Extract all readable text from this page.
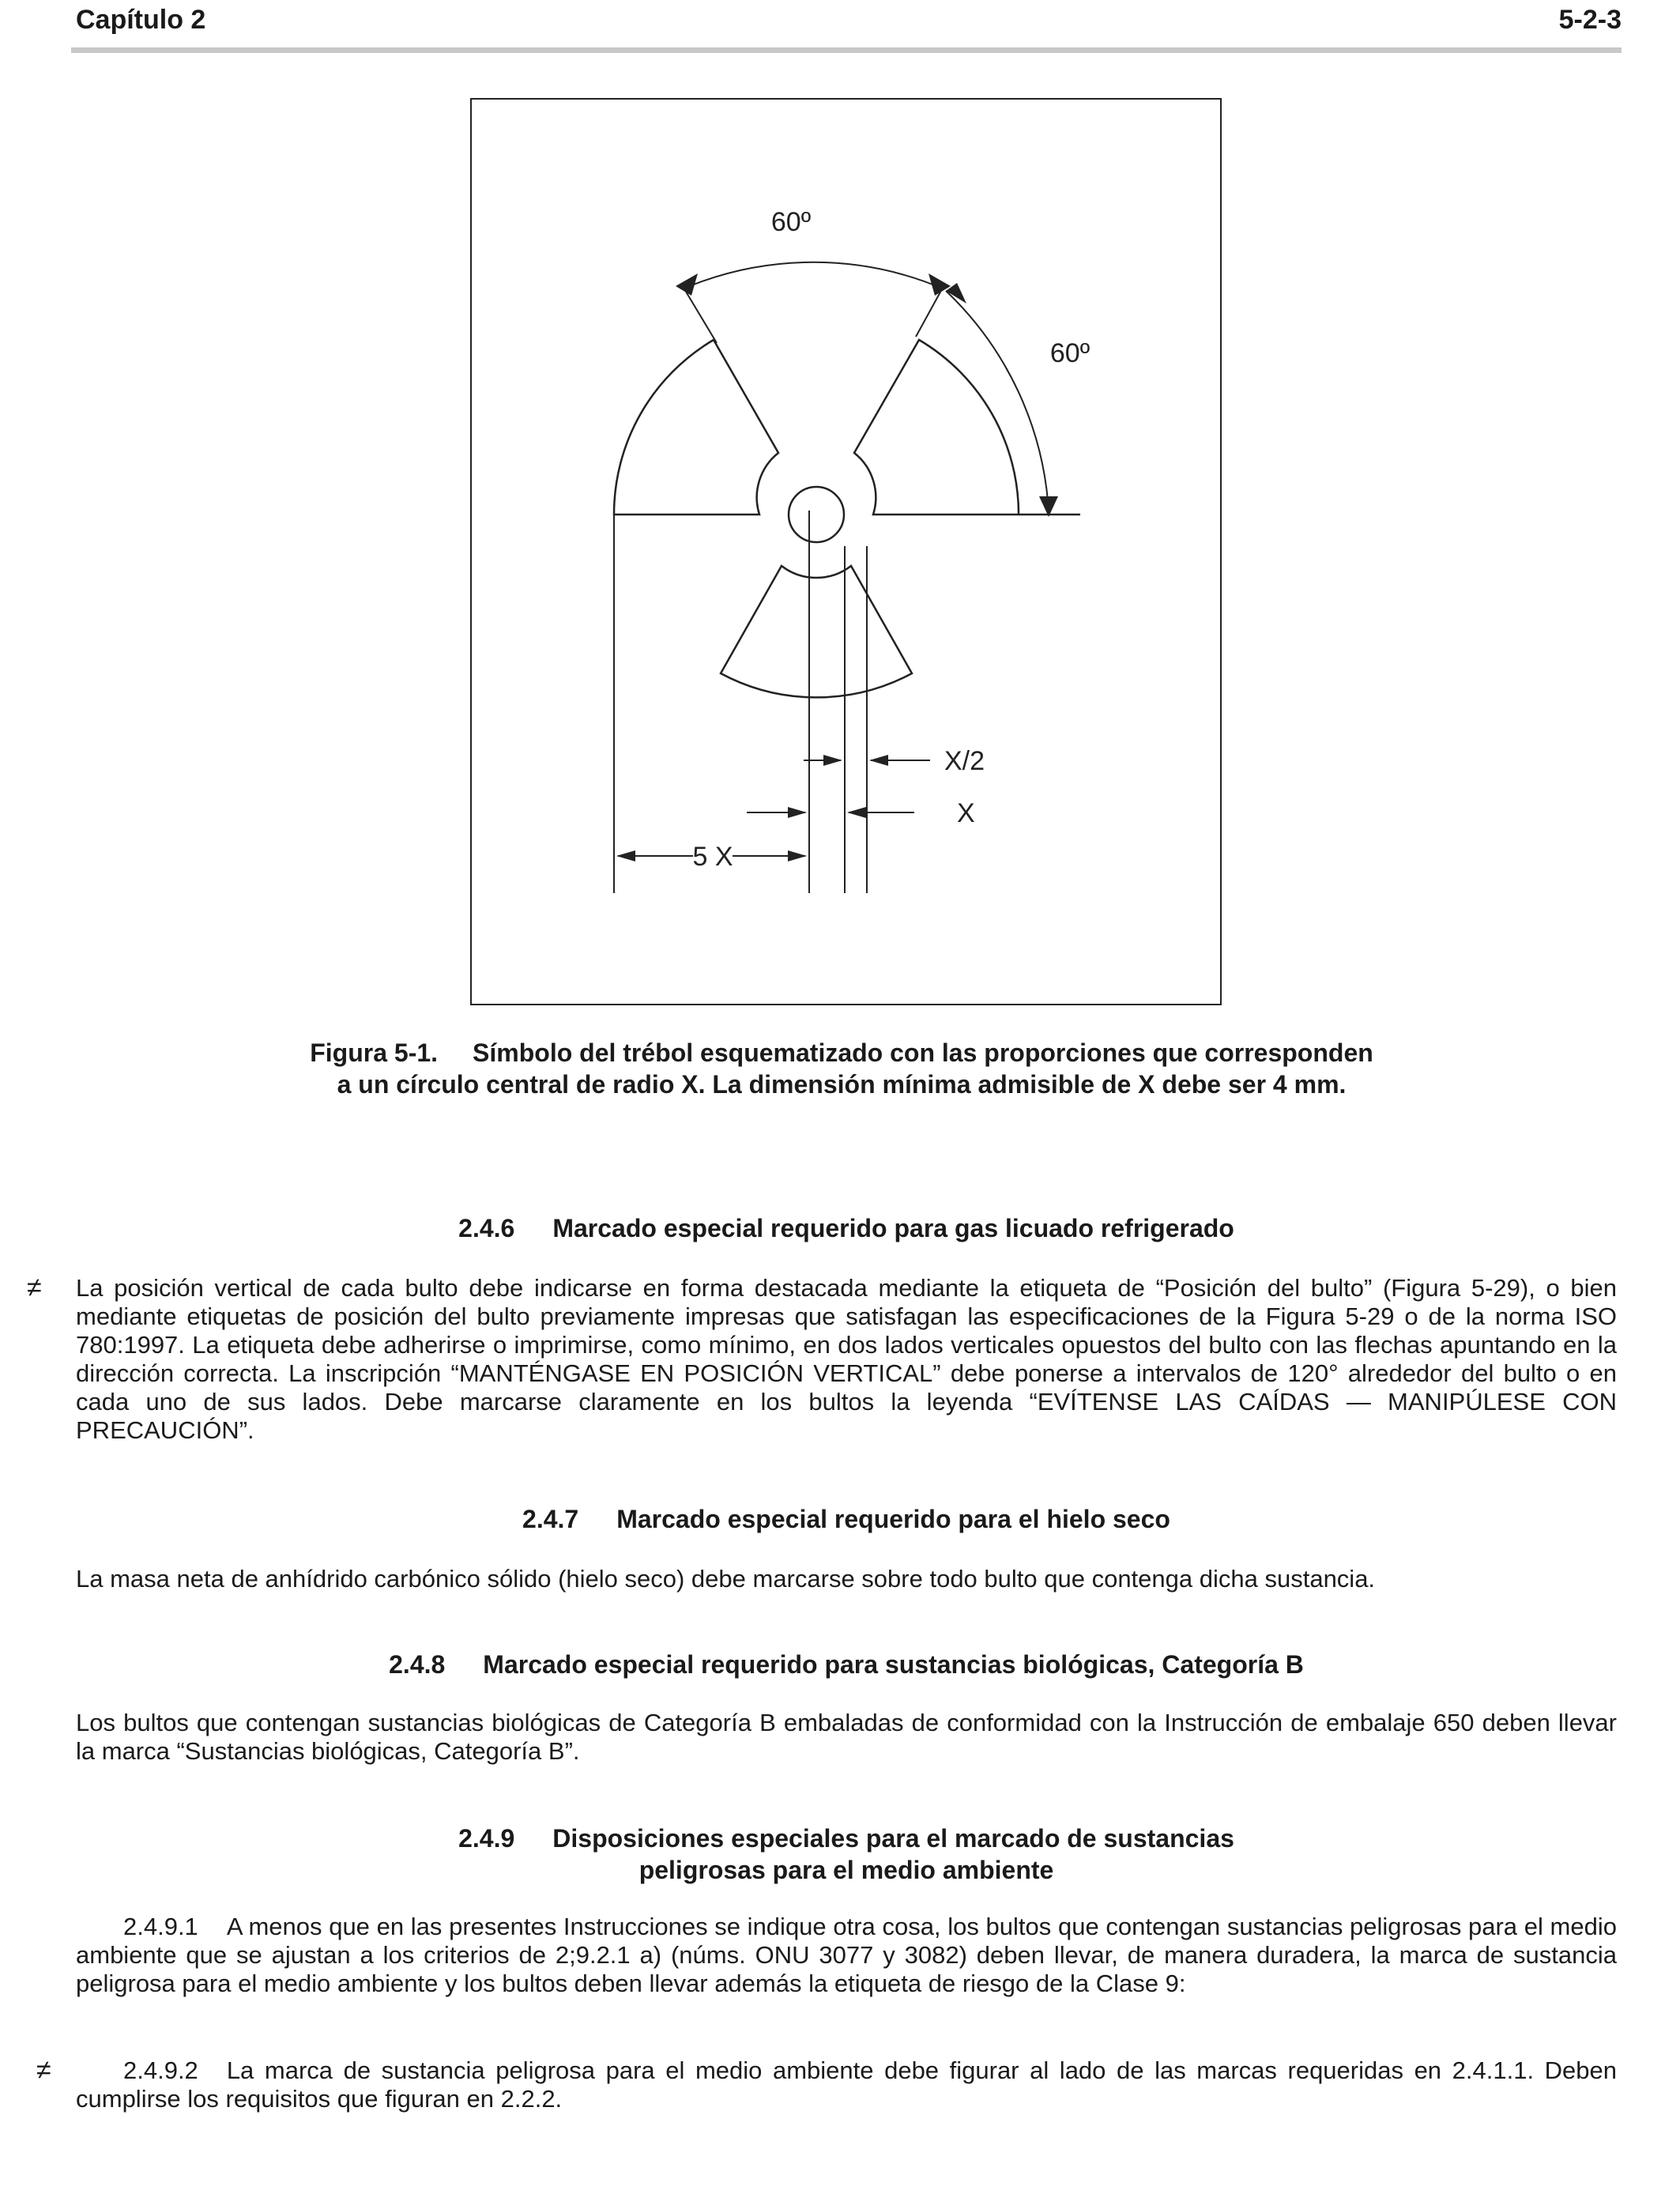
Capítulo 2	5-2-3
60º
60º
X/2
X
5 X
Figura 5-1. Símbolo del trébol esquematizado con las proporciones que corresponden
a un círculo central de radio X. La dimensión mínima admisible de X debe ser 4 mm.
2.4.6 Marcado especial requerido para gas licuado refrigerado
≠ La posición vertical de cada bulto debe indicarse en forma destacada mediante la etiqueta de “Posición del bulto” (Figura 5-29), o bien mediante etiquetas de posición del bulto previamente impresas que satisfagan las especificaciones de la Figura 5-29 o de la norma ISO 780:1997. La etiqueta debe adherirse o imprimirse, como mínimo, en dos lados verticales opuestos del bulto con las flechas apuntando en la dirección correcta. La inscripción “MANTÉNGASE EN POSICIÓN VERTICAL” debe ponerse a intervalos de 120° alrededor del bulto o en cada uno de sus lados. Debe marcarse claramente en los bultos la leyenda “EVÍTENSE LAS CAÍDAS — MANIPÚLESE CON PRECAUCIÓN”.
2.4.7 Marcado especial requerido para el hielo seco
La masa neta de anhídrido carbónico sólido (hielo seco) debe marcarse sobre todo bulto que contenga dicha sustancia.
2.4.8 Marcado especial requerido para sustancias biológicas, Categoría B
Los bultos que contengan sustancias biológicas de Categoría B embaladas de conformidad con la Instrucción de embalaje 650 deben llevar la marca “Sustancias biológicas, Categoría B”.
2.4.9 Disposiciones especiales para el marcado de sustancias
peligrosas para el medio ambiente
2.4.9.1 A menos que en las presentes Instrucciones se indique otra cosa, los bultos que contengan sustancias peligrosas para el medio ambiente que se ajustan a los criterios de 2;9.2.1 a) (núms. ONU 3077 y 3082) deben llevar, de manera duradera, la marca de sustancia peligrosa para el medio ambiente y los bultos deben llevar además la etiqueta de riesgo de la Clase 9:
≠	2.4.9.2 La marca de sustancia peligrosa para el medio ambiente debe figurar al lado de las marcas requeridas en 2.4.1.1. Deben cumplirse los requisitos que figuran en 2.2.2.
